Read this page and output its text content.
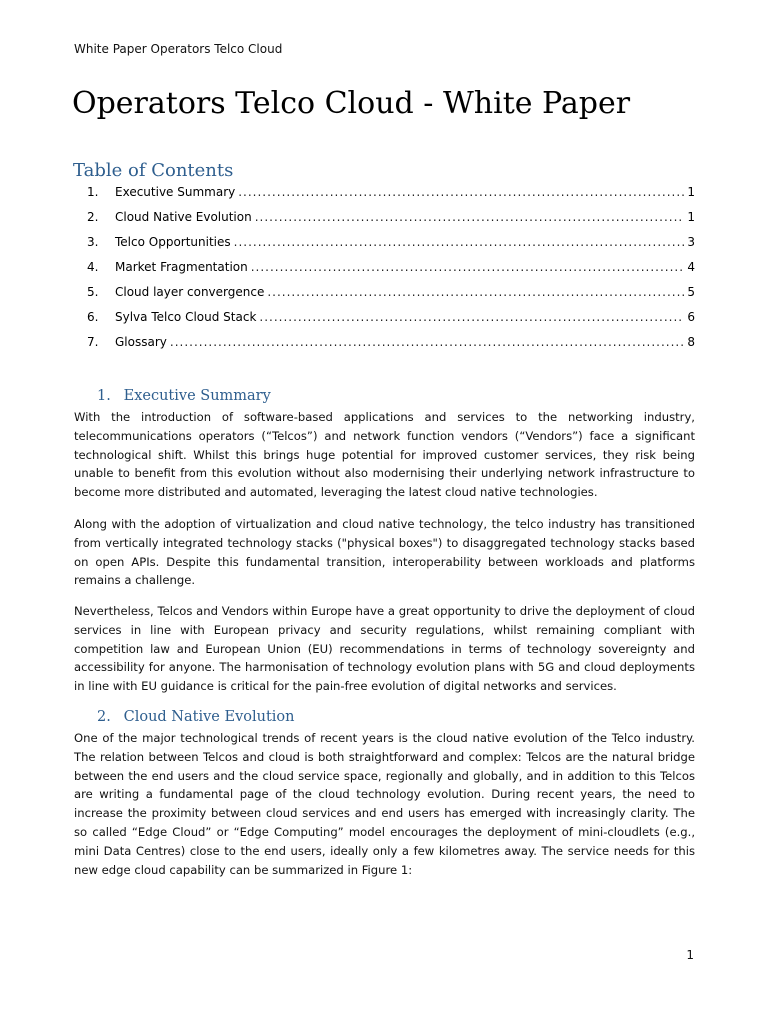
White Paper Operators Telco Cloud
Operators Telco Cloud - White Paper
Table of Contents
1.	Executive Summary .....	1
2.	Cloud Native Evolution .....	1
3.	Telco Opportunities .....	3
4.	Market Fragmentation .....	4
5.	Cloud layer convergence .....	5
6.	Sylva Telco Cloud Stack .....	6
7.	Glossary .....	8
1. Executive Summary

With the introduction of software-based applications and services to the networking industry, telecommunications operators (“Telcos”) and network function vendors (“Vendors”) face a significant technological shift. Whilst this brings huge potential for improved customer services, they risk being unable to benefit from this evolution without also modernising their underlying network infrastructure to become more distributed and automated, leveraging the latest cloud native technologies.

Along with the adoption of virtualization and cloud native technology, the telco industry has transitioned from vertically integrated technology stacks ("physical boxes") to disaggregated technology stacks based on open APIs. Despite this fundamental transition, interoperability between workloads and platforms remains a challenge.

Nevertheless, Telcos and Vendors within Europe have a great opportunity to drive the deployment of cloud services in line with European privacy and security regulations, whilst remaining compliant with competition law and European Union (EU) recommendations in terms of technology sovereignty and accessibility for anyone. The harmonisation of technology evolution plans with 5G and cloud deployments in line with EU guidance is critical for the pain-free evolution of digital networks and services.

2. Cloud Native Evolution

One of the major technological trends of recent years is the cloud native evolution of the Telco industry. The relation between Telcos and cloud is both straightforward and complex: Telcos are the natural bridge between the end users and the cloud service space, regionally and globally, and in addition to this Telcos are writing a fundamental page of the cloud technology evolution. During recent years, the need to increase the proximity between cloud services and end users has emerged with increasingly clarity. The so called “Edge Cloud” or “Edge Computing” model encourages the deployment of mini-cloudlets (e.g., mini Data Centres) close to the end users, ideally only a few kilometres away. The service needs for this new edge cloud capability can be summarized in Figure 1:

1
